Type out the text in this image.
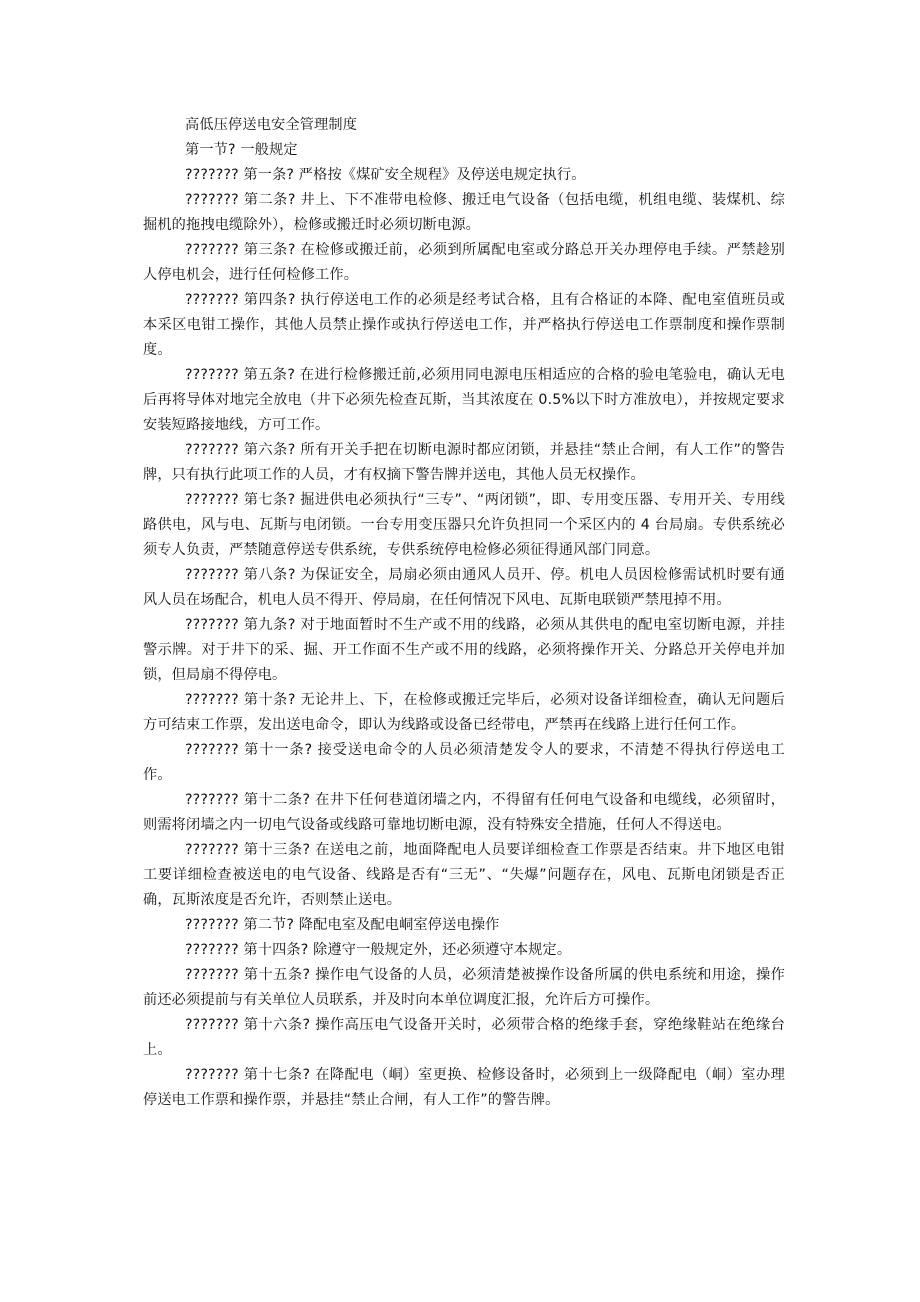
高低压停送电安全管理制度

第一节? 一般规定

??????? 第一条? 严格按《煤矿安全规程》及停送电规定执行。

??????? 第二条? 井上、下不准带电检修、搬迁电气设备（包括电缆，机组电缆、装煤机、综掘机的拖拽电缆除外），检修或搬迁时必须切断电源。

??????? 第三条? 在检修或搬迁前，必须到所属配电室或分路总开关办理停电手续。严禁趁别人停电机会，进行任何检修工作。

??????? 第四条? 执行停送电工作的必须是经考试合格，且有合格证的本降、配电室值班员或本采区电钳工操作，其他人员禁止操作或执行停送电工作，并严格执行停送电工作票制度和操作票制度。

??????? 第五条? 在进行检修搬迁前,必须用同电源电压相适应的合格的验电笔验电，确认无电后再将导体对地完全放电（井下必须先检查瓦斯，当其浓度在 0.5%以下时方准放电），并按规定要求安装短路接地线，方可工作。

??????? 第六条? 所有开关手把在切断电源时都应闭锁，并悬挂“禁止合闸，有人工作”的警告牌，只有执行此项工作的人员，才有权摘下警告牌并送电，其他人员无权操作。

??????? 第七条? 掘进供电必须执行“三专”、“两闭锁”，即、专用变压器、专用开关、专用线路供电，风与电、瓦斯与电闭锁。一台专用变压器只允许负担同一个采区内的 4 台局扇。专供系统必须专人负责，严禁随意停送专供系统，专供系统停电检修必须征得通风部门同意。

??????? 第八条? 为保证安全，局扇必须由通风人员开、停。机电人员因检修需试机时要有通风人员在场配合，机电人员不得开、停局扇，在任何情况下风电、瓦斯电联锁严禁甩掉不用。

??????? 第九条? 对于地面暂时不生产或不用的线路，必须从其供电的配电室切断电源，并挂警示牌。对于井下的采、掘、开工作面不生产或不用的线路，必须将操作开关、分路总开关停电并加锁，但局扇不得停电。

??????? 第十条? 无论井上、下，在检修或搬迁完毕后，必须对设备详细检查，确认无问题后方可结束工作票，发出送电命令，即认为线路或设备已经带电，严禁再在线路上进行任何工作。

??????? 第十一条? 接受送电命令的人员必须清楚发令人的要求，不清楚不得执行停送电工作。

??????? 第十二条? 在井下任何巷道闭墙之内，不得留有任何电气设备和电缆线，必须留时，则需将闭墙之内一切电气设备或线路可靠地切断电源，没有特殊安全措施，任何人不得送电。

??????? 第十三条? 在送电之前，地面降配电人员要详细检查工作票是否结束。井下地区电钳工要详细检查被送电的电气设备、线路是否有“三无”、“失爆”问题存在，风电、瓦斯电闭锁是否正确，瓦斯浓度是否允许，否则禁止送电。

??????? 第二节? 降配电室及配电峒室停送电操作

??????? 第十四条? 除遵守一般规定外，还必须遵守本规定。

??????? 第十五条? 操作电气设备的人员，必须清楚被操作设备所属的供电系统和用途，操作前还必须提前与有关单位人员联系，并及时向本单位调度汇报，允许后方可操作。

??????? 第十六条? 操作高压电气设备开关时，必须带合格的绝缘手套，穿绝缘鞋站在绝缘台上。

??????? 第十七条? 在降配电（峒）室更换、检修设备时，必须到上一级降配电（峒）室办理停送电工作票和操作票，并悬挂“禁止合闸，有人工作”的警告牌。
